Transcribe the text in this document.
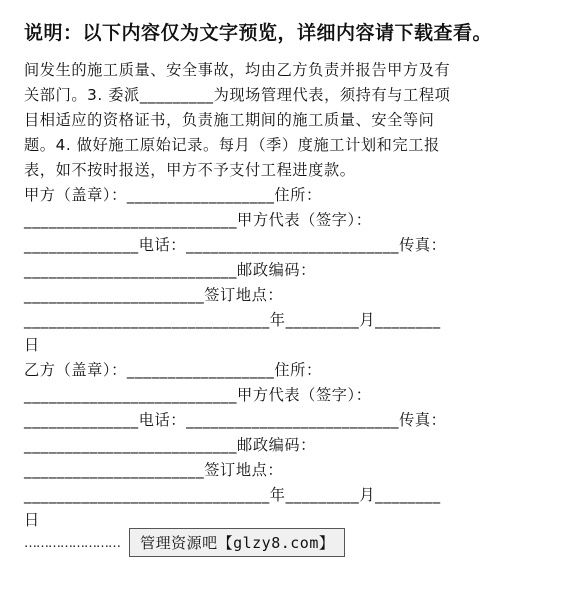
说明：以下内容仅为文字预览，详细内容请下载查看。
间发生的施工质量、安全事故，均由乙方负责并报告甲方及有
关部门。3. 委派_________为现场管理代表，须持有与工程项
目相适应的资格证书，负责施工期间的施工质量、安全等问
题。4. 做好施工原始记录。每月（季）度施工计划和完工报
表，如不按时报送，甲方不予支付工程进度款。
甲方（盖章）：__________________住所：
__________________________甲方代表（签字）：
______________电话：__________________________传真：
__________________________邮政编码：
______________________签订地点：
______________________________年_________月________
日
乙方（盖章）：__________________住所：
__________________________甲方代表（签字）：
______________电话：__________________________传真：
__________________________邮政编码：
______________________签订地点：
______________________________年_________月________
日
…………………… 管理资源吧【glzy8.com】
